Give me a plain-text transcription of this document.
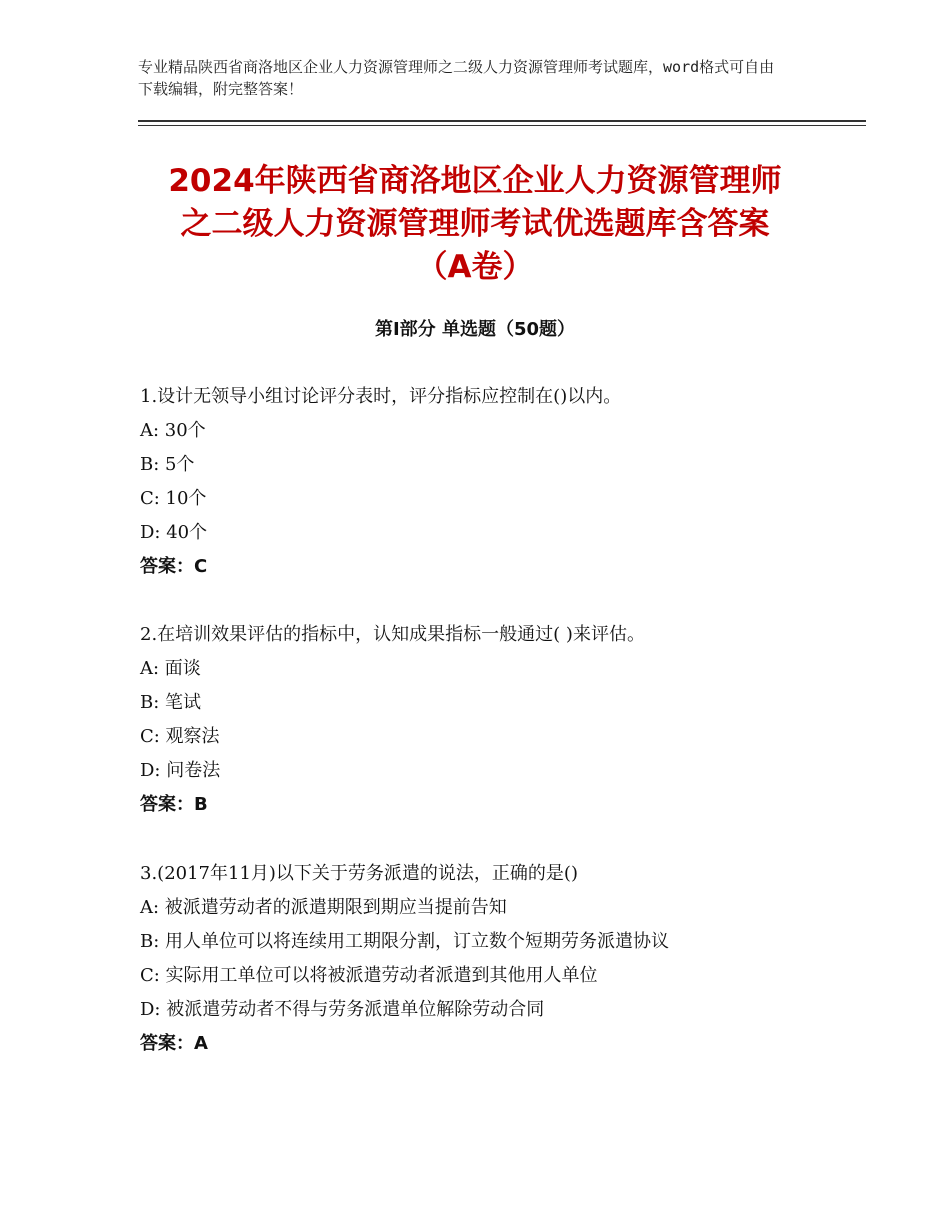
专业精品陕西省商洛地区企业人力资源管理师之二级人力资源管理师考试题库，word格式可自由下载编辑，附完整答案！
2024年陕西省商洛地区企业人力资源管理师
之二级人力资源管理师考试优选题库含答案
（A卷）
第Ⅰ部分 单选题（50题）
1.设计无领导小组讨论评分表时，评分指标应控制在()以内。
A: 30个
B: 5个
C: 10个
D: 40个
答案：C
2.在培训效果评估的指标中，认知成果指标一般通过( )来评估。
A: 面谈
B: 笔试
C: 观察法
D: 问卷法
答案：B
3.(2017年11月)以下关于劳务派遣的说法，正确的是()
A: 被派遣劳动者的派遣期限到期应当提前告知
B: 用人单位可以将连续用工期限分割，订立数个短期劳务派遣协议
C: 实际用工单位可以将被派遣劳动者派遣到其他用人单位
D: 被派遣劳动者不得与劳务派遣单位解除劳动合同
答案：A
